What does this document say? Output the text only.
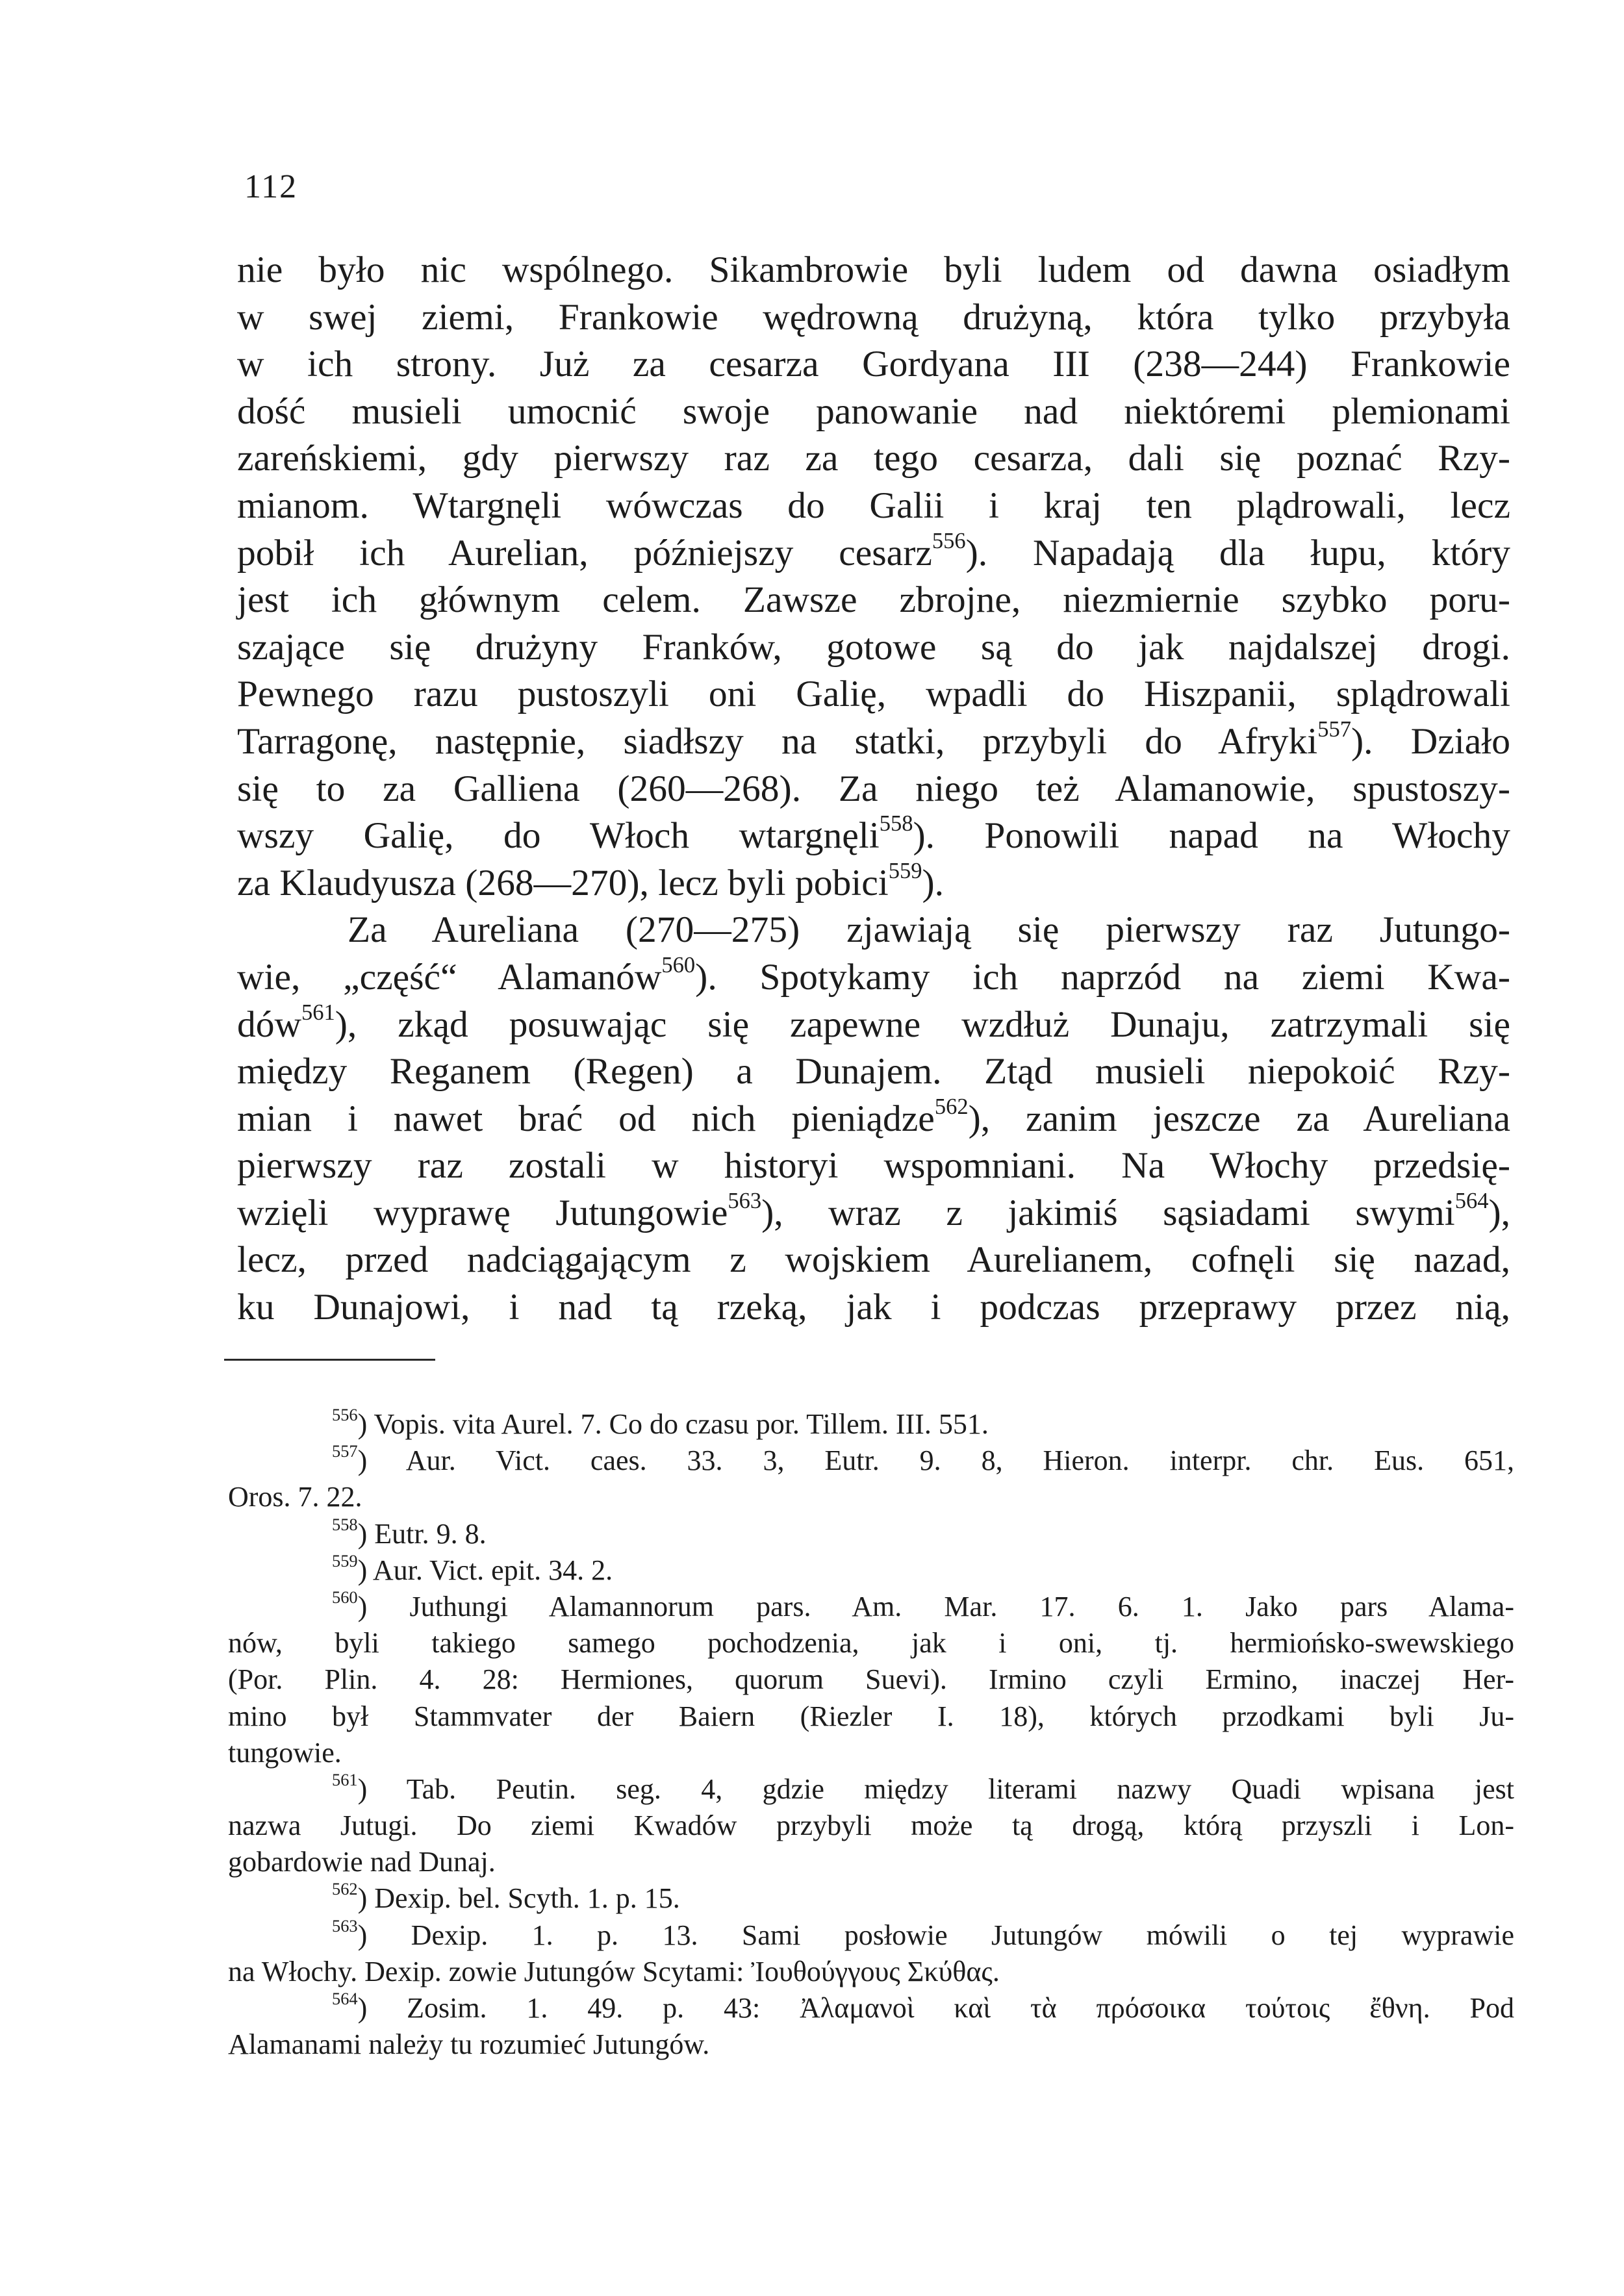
112
nie było nic wspólnego. Sikambrowie byli ludem od dawna osiadłym
w swej ziemi, Frankowie wędrowną drużyną, która tylko przybyła
w ich strony. Już za cesarza Gordyana III (238—244) Frankowie
dość musieli umocnić swoje panowanie nad niektóremi plemionami
zareńskiemi, gdy pierwszy raz za tego cesarza, dali się poznać Rzy-
mianom. Wtargnęli wówczas do Galii i kraj ten plądrowali, lecz
pobił ich Aurelian, późniejszy cesarz$^{556}$). Napadają dla łupu, który
jest ich głównym celem. Zawsze zbrojne, niezmiernie szybko poru-
szające się drużyny Franków, gotowe są do jak najdalszej drogi.
Pewnego razu pustoszyli oni Galię, wpadli do Hiszpanii, splądrowali
Tarragonę, następnie, siadłszy na statki, przybyli do Afryki$^{557}$). Działo
się to za Galliena (260—268). Za niego też Alamanowie, spustoszy-
wszy Galię, do Włoch wtargnęli$^{558}$). Ponowili napad na Włochy
za Klaudyusza (268—270), lecz byli pobici$^{559}$).
Za Aureliana (270—275) zjawiają się pierwszy raz Jutungo-
wie, „część“ Alamanów$^{560}$). Spotykamy ich naprzód na ziemi Kwa-
dów$^{561}$), zkąd posuwając się zapewne wzdłuż Dunaju, zatrzymali się
między Reganem (Regen) a Dunajem. Ztąd musieli niepokoić Rzy-
mian i nawet brać od nich pieniądze$^{562}$), zanim jeszcze za Aureliana
pierwszy raz zostali w historyi wspomniani. Na Włochy przedsię-
wzięli wyprawę Jutungowie$^{563}$), wraz z jakimiś sąsiadami swymi$^{564}$),
lecz, przed nadciągającym z wojskiem Aurelianem, cofnęli się nazad,
ku Dunajowi, i nad tą rzeką, jak i podczas przeprawy przez nią,
$^{556}$) Vopis. vita Aurel. 7. Co do czasu por. Tillem. III. 551.
$^{557}$) Aur. Vict. caes. 33. 3, Eutr. 9. 8, Hieron. interpr. chr. Eus. 651,
Oros. 7. 22.
$^{558}$) Eutr. 9. 8.
$^{559}$) Aur. Vict. epit. 34. 2.
$^{560}$) Juthungi Alamannorum pars. Am. Mar. 17. 6. 1. Jako pars Alama-
nów, byli takiego samego pochodzenia, jak i oni, tj. hermiońsko-swewskiego
(Por. Plin. 4. 28: Hermiones, quorum Suevi). Irmino czyli Ermino, inaczej Her-
mino był Stammvater der Baiern (Riezler I. 18), których przodkami byli Ju-
tungowie.
$^{561}$) Tab. Peutin. seg. 4, gdzie między literami nazwy Quadi wpisana jest
nazwa Jutugi. Do ziemi Kwadów przybyli może tą drogą, którą przyszli i Lon-
gobardowie nad Dunaj.
$^{562}$) Dexip. bel. Scyth. 1. p. 15.
$^{563}$) Dexip. 1. p. 13. Sami posłowie Jutungów mówili o tej wyprawie
na Włochy. Dexip. zowie Jutungów Scytami: Ἰουθούγγους Σκύθας.
$^{564}$) Zosim. 1. 49. p. 43: Ἀλαμανοὶ καὶ τὰ πρόσοικα τούτοις ἔθνη. Pod
Alamanami należy tu rozumieć Jutungów.
